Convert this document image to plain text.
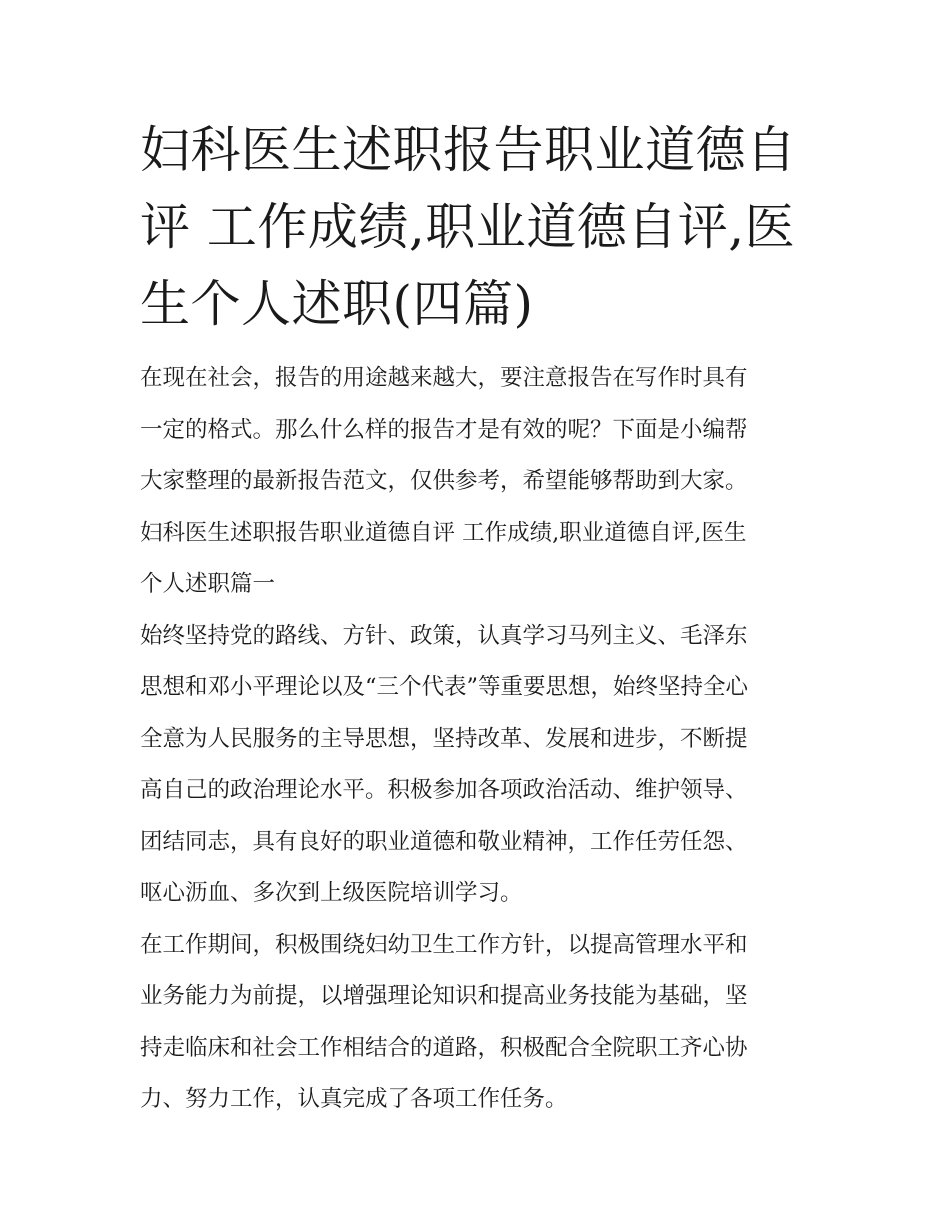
妇科医生述职报告职业道德自
评 工作成绩,职业道德自评,医
生个人述职(四篇)

在现在社会，报告的用途越来越大，要注意报告在写作时具有

一定的格式。那么什么样的报告才是有效的呢？下面是小编帮

大家整理的最新报告范文，仅供参考，希望能够帮助到大家。

妇科医生述职报告职业道德自评 工作成绩,职业道德自评,医生

个人述职篇一

始终坚持党的路线、方针、政策，认真学习马列主义、毛泽东

思想和邓小平理论以及“三个代表”等重要思想，始终坚持全心

全意为人民服务的主导思想，坚持改革、发展和进步，不断提

高自己的政治理论水平。积极参加各项政治活动、维护领导、

团结同志，具有良好的职业道德和敬业精神，工作任劳任怨、

呕心沥血、多次到上级医院培训学习。

在工作期间，积极围绕妇幼卫生工作方针，以提高管理水平和

业务能力为前提，以增强理论知识和提高业务技能为基础，坚

持走临床和社会工作相结合的道路，积极配合全院职工齐心协

力、努力工作，认真完成了各项工作任务。
